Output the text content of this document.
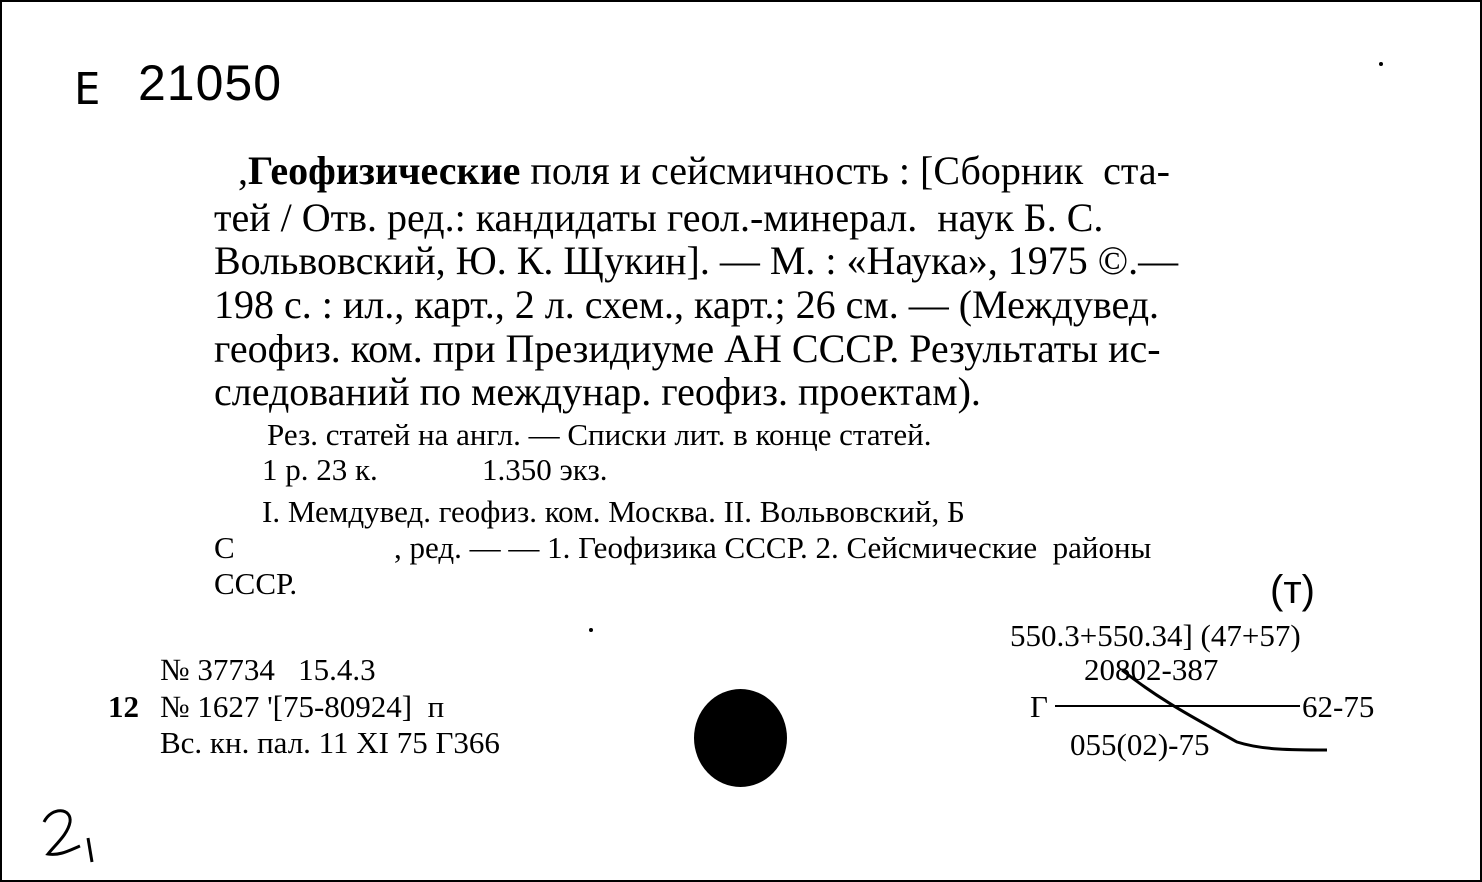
E 21050
,Геофизические поля и сейсмичность : [Сборник  ста-
тей / Отв. ред.: кандидаты геол.-минерал.  наук Б. С.
Вольвовский, Ю. К. Щукин]. — М. : «Наука», 1975 ©.—
198 с. : ил., карт., 2 л. схем., карт.; 26 см. — (Междувед.
геофиз. ком. при Президиуме АН СССР. Результаты ис-
следований по междунар. геофиз. проектам).
Рез. статей на англ. — Списки лит. в конце статей.
1 р. 23 к.	1.350 экз.
I. Мемдувед. геофиз. ком. Москва. II. Вольвовский, Б
С	, ред. — — 1. Геофизика СССР. 2. Сейсмические  районы
СССР.	(т)
550.3+550.34] (47+57)
20802-387
Г	62-75
055(02)-75
№ 37734   15.4.3
12 № 1627 '[75-80924]  п
Вс. кн. пал. 11 XI 75 Г366
